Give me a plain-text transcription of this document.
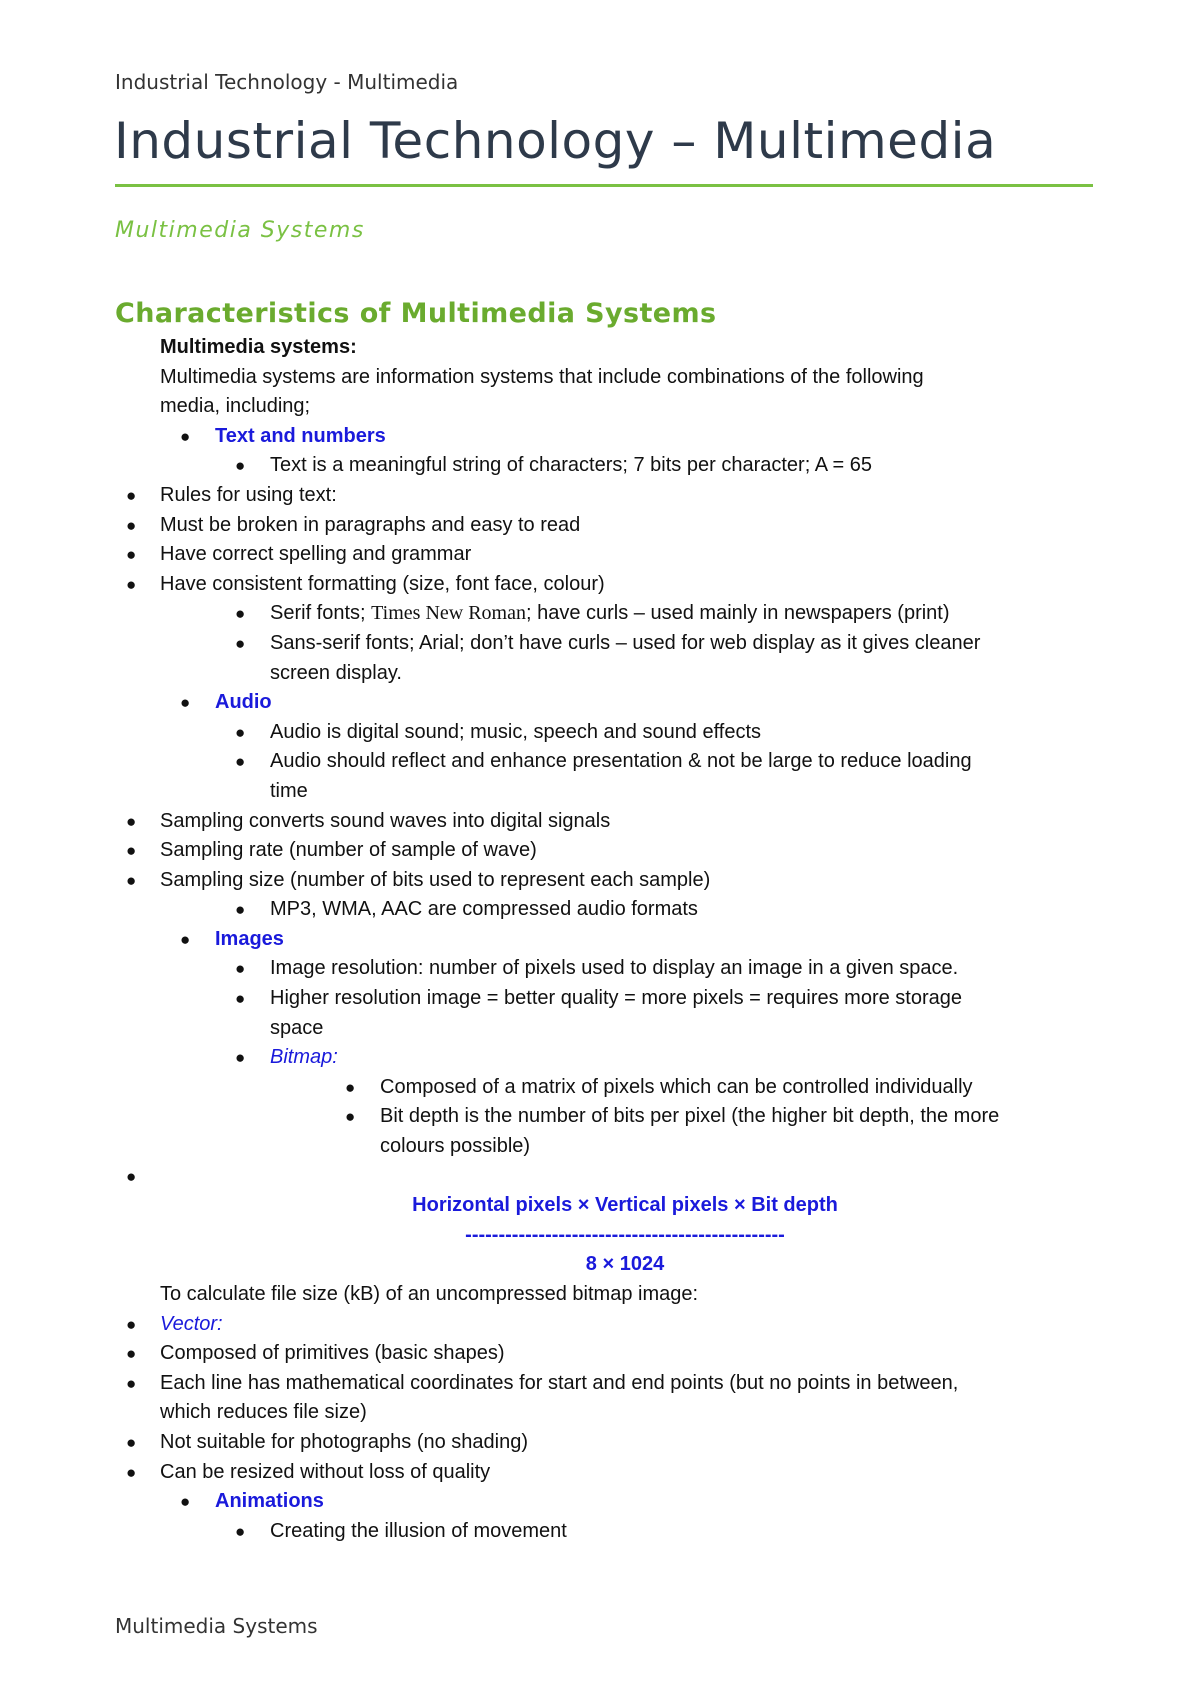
Industrial Technology - Multimedia
Industrial Technology – Multimedia
Multimedia Systems
Characteristics of Multimedia Systems
Multimedia systems:
Multimedia systems are information systems that include combinations of the following
media, including;
● Text and numbers
● Text is a meaningful string of characters; 7 bits per character; A = 65
● Rules for using text:
● Must be broken in paragraphs and easy to read
● Have correct spelling and grammar
● Have consistent formatting (size, font face, colour)
● Serif fonts; Times New Roman; have curls – used mainly in newspapers (print)
● Sans-serif fonts; Arial; don’t have curls – used for web display as it gives cleaner
screen display.
● Audio
● Audio is digital sound; music, speech and sound effects
● Audio should reflect and enhance presentation & not be large to reduce loading
time
● Sampling converts sound waves into digital signals
● Sampling rate (number of sample of wave)
● Sampling size (number of bits used to represent each sample)
● MP3, WMA, AAC are compressed audio formats
● Images
● Image resolution: number of pixels used to display an image in a given space.
● Higher resolution image = better quality = more pixels = requires more storage
space
● Bitmap:
● Composed of a matrix of pixels which can be controlled individually
● Bit depth is the number of bits per pixel (the higher bit depth, the more
colours possible)
●
Horizontal pixels × Vertical pixels × Bit depth
------------------------------------------------
8 × 1024
To calculate file size (kB) of an uncompressed bitmap image:
● Vector:
● Composed of primitives (basic shapes)
● Each line has mathematical coordinates for start and end points (but no points in between,
which reduces file size)
● Not suitable for photographs (no shading)
● Can be resized without loss of quality
● Animations
● Creating the illusion of movement
Multimedia Systems
